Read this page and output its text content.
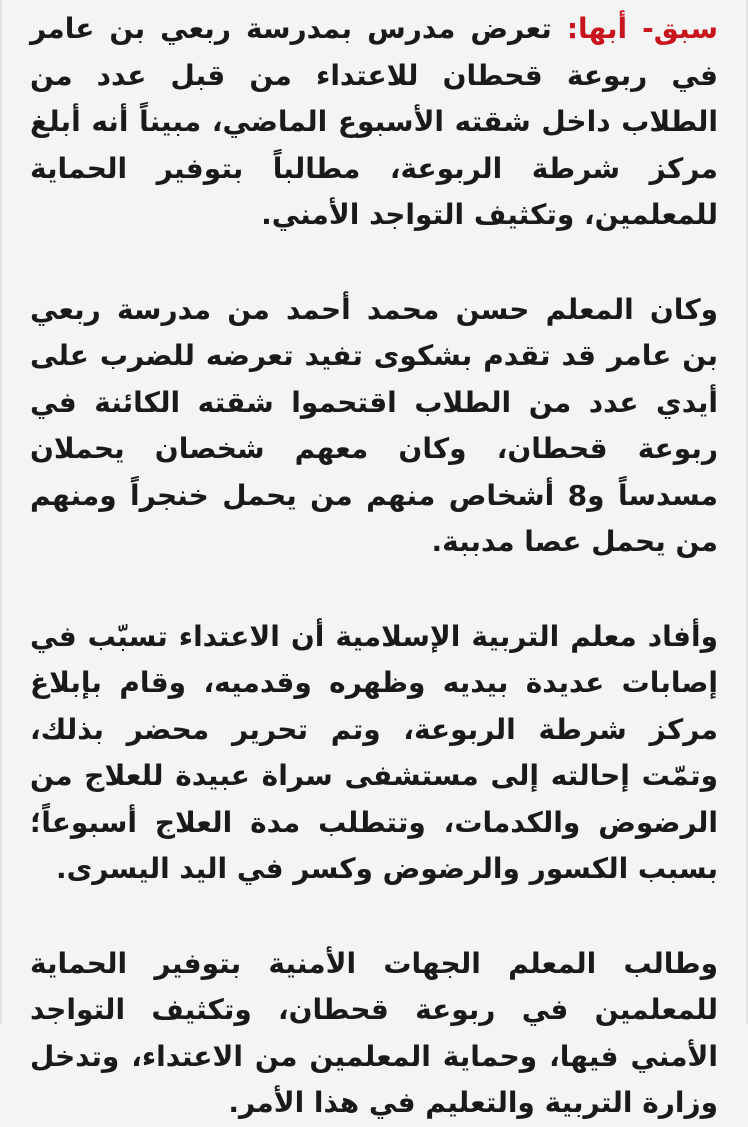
سبق- أبها: تعرض مدرس بمدرسة ربعي بن عامر في ربوعة قحطان للاعتداء من قبل عدد من الطلاب داخل شقته الأسبوع الماضي، مبيناً أنه أبلغ مركز شرطة الربوعة، مطالباً بتوفير الحماية للمعلمين، وتكثيف التواجد الأمني.

وكان المعلم حسن محمد أحمد من مدرسة ربعي بن عامر قد تقدم بشكوى تفيد تعرضه للضرب على أيدي عدد من الطلاب اقتحموا شقته الكائنة في ربوعة قحطان، وكان معهم شخصان يحملان مسدساً و8 أشخاص منهم من يحمل خنجراً ومنهم من يحمل عصا مدببة.

وأفاد معلم التربية الإسلامية أن الاعتداء تسبّب في إصابات عديدة بيديه وظهره وقدميه، وقام بإبلاغ مركز شرطة الربوعة، وتم تحرير محضر بذلك، وتمّت إحالته إلى مستشفى سراة عبيدة للعلاج من الرضوض والكدمات، وتتطلب مدة العلاج أسبوعاً؛ بسبب الكسور والرضوض وكسر في اليد اليسرى.

وطالب المعلم الجهات الأمنية بتوفير الحماية للمعلمين في ربوعة قحطان، وتكثيف التواجد الأمني فيها، وحماية المعلمين من الاعتداء، وتدخل وزارة التربية والتعليم في هذا الأمر.
